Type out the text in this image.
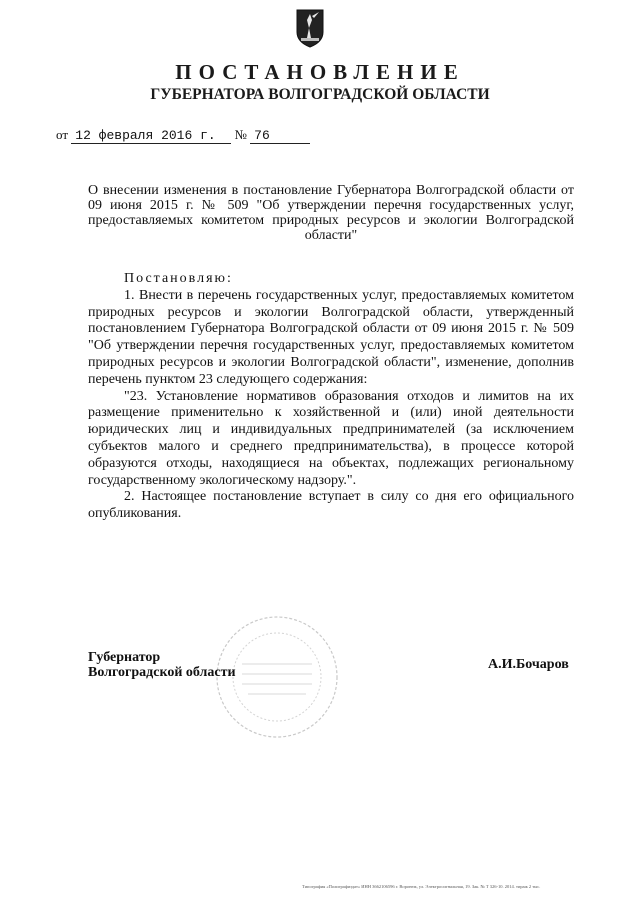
ПОСТАНОВЛЕНИЕ
ГУБЕРНАТОРА ВОЛГОГРАДСКОЙ ОБЛАСТИ
от 12 февраля 2016 г. № 76

О внесении изменения в постановление Губернатора Волгоградской области от 09 июня 2015 г. № 509 "Об утверждении перечня государственных услуг, предоставляемых комитетом природных ресурсов и экологии Волгоградской области"

Постановляю:

1. Внести в перечень государственных услуг, предоставляемых комитетом природных ресурсов и экологии Волгоградской области, утвержденный постановлением Губернатора Волгоградской области от 09 июня 2015 г. № 509 "Об утверждении перечня государственных услуг, предоставляемых комитетом природных ресурсов и экологии Волгоградской области", изменение, дополнив перечень пунктом 23 следующего содержания:

"23. Установление нормативов образования отходов и лимитов на их размещение применительно к хозяйственной и (или) иной деятельности юридических лиц и индивидуальных предпринимателей (за исключением субъектов малого и среднего предпринимательства), в процессе которой образуются отходы, находящиеся на объектах, подлежащих региональному государственному экологическому надзору.".

2. Настоящее постановление вступает в силу со дня его официального опубликования.

Губернатор
Волгоградской области
А.И.Бочаров
Типография «Полиграфиздат» ИНН 3662106596 г. Воронеж, ул. Электросигнальная, 19. Зак. № Т 326-10. 2014. тираж 2 тыс.
